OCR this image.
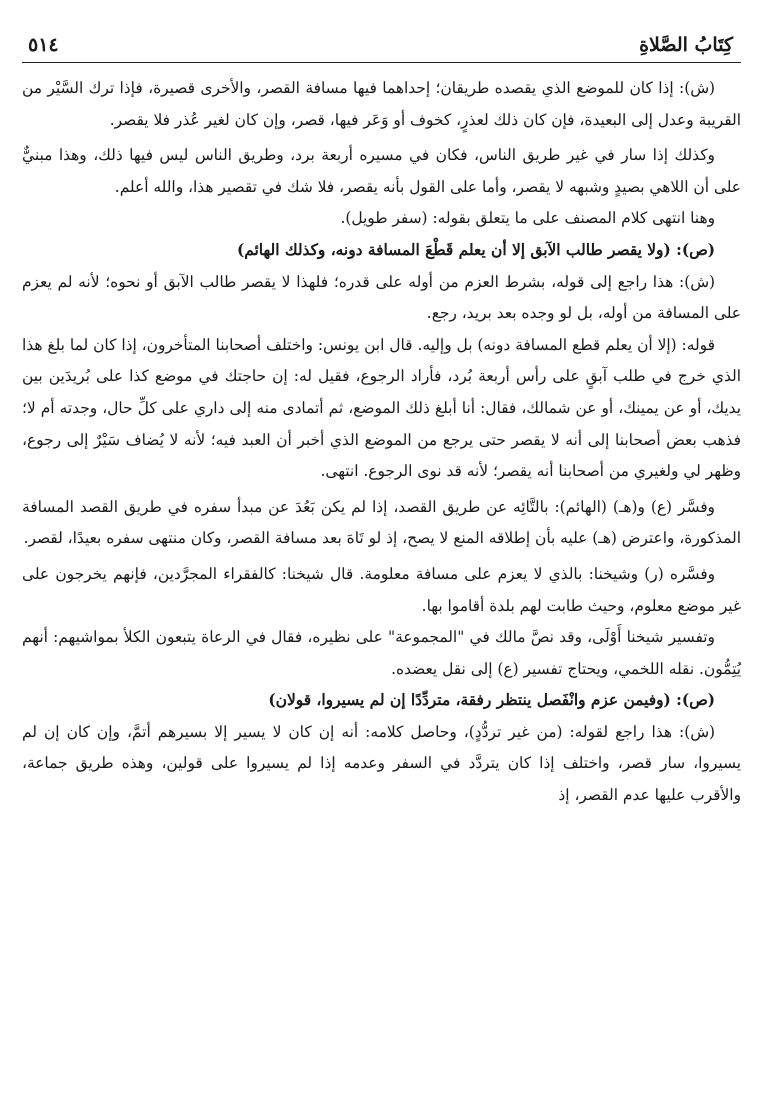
٥١٤	كِتَابُ الصَّلاةِ

(ش): إذا كان للموضع الذي يقصده طريقان؛ إحداهما فيها مسافة القصر، والأخرى قصيرة، فإذا ترك السَّيْر من القريبة وعدل إلى البعيدة، فإن كان ذلك لعذرٍ، كخوف أو وَعَر فيها، قصر، وإن كان لغير عُذر فلا يقصر.

وكذلك إذا سار في غير طريق الناس، فكان في مسيره أربعة برد، وطريق الناس ليس فيها ذلك، وهذا مبنيٌّ على أن اللاهي بصيدٍ وشبهه لا يقصر، وأما على القول بأنه يقصر، فلا شك في تقصير هذا، والله أعلم.

وهنا انتهى كلام المصنف على ما يتعلق بقوله: (سفر طويل).

(ص): (ولا يقصر طالب الآبق إلا أن يعلم قَطْعَ المسافة دونه، وكذلك الهائم)

(ش): هذا راجع إلى قوله، بشرط العزم من أوله على قدره؛ فلهذا لا يقصر طالب الآبق أو نحوه؛ لأنه لم يعزم على المسافة من أوله، بل لو وجده بعد بريد، رجع.

قوله: (إلا أن يعلم قطع المسافة دونه) بل وإليه. قال ابن يونس: واختلف أصحابنا المتأخرون، إذا كان لما بلغ هذا الذي خرج في طلب آبقٍ على رأس أربعة بُرد، فأراد الرجوع، فقيل له: إن حاجتك في موضع كذا على بُريدَين بين يديك، أو عن يمينك، أو عن شمالك، فقال: أنا أبلغ ذلك الموضع، ثم أتمادى منه إلى داري على كلِّ حال، وجدته أم لا؛ فذهب بعض أصحابنا إلى أنه لا يقصر حتى يرجع من الموضع الذي أخبر أن العبد فيه؛ لأنه لا يُضاف سَيْرٌ إلى رجوع، وظهر لي ولغيري من أصحابنا أنه يقصر؛ لأنه قد نوى الرجوع. انتهى.

وفسَّر (ع) و(هـ) (الهائم): بالتَّائِه عن طريق القصد، إذا لم يكن بَعُدَ عن مبدأ سفره في طريق القصد المسافة المذكورة، واعترض (هـ) عليه بأن إطلاقه المنع لا يصح، إذ لو تَاهَ بعد مسافة القصر، وكان منتهى سفره بعيدًا، لقصر.

وفسَّره (ر) وشيخنا: بالذي لا يعزم على مسافة معلومة. قال شيخنا: كالفقراء المجرَّدين، فإنهم يخرجون على غير موضع معلوم، وحيث طابت لهم بلدة أقاموا بها.

وتفسير شيخنا أَوْلَى، وقد نصَّ مالك في "المجموعة" على نظيره، فقال في الرعاة يتبعون الكلأ بمواشيهم: أنهم يُتِمُّون. نقله اللخمي، ويحتاج تفسير (ع) إلى نقل يعضده.

(ص): (وفيمن عزم وانْفَصل ينتظر رفقة، متردِّدًا إن لم يسيروا، قولان)

(ش): هذا راجع لقوله: (من غير تردُّدٍ)، وحاصل كلامه: أنه إن كان لا يسير إلا بسيرهم أتمَّ، وإن كان إن لم يسيروا، سار قصر، واختلف إذا كان يتردَّد في السفر وعدمه إذا لم يسيروا على قولين، وهذه طريق جماعة، والأقرب عليها عدم القصر، إذ
